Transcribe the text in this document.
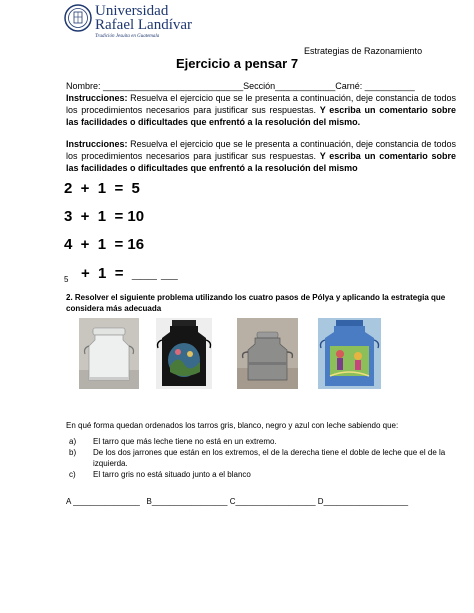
Universidad
Rafael Landívar
Tradición Jesuita en Guatemala
Estrategias de Razonamiento
Ejercicio a pensar 7
Nombre: ____________________________Sección____________Carné: __________
Instrucciones: Resuelva el ejercicio que se le presenta a continuación, deje constancia de todos los procedimientos necesarios para justificar sus respuestas. Y escriba un comentario sobre las facilidades o dificultades que enfrentó a la resolución del mismo.
Instrucciones: Resuelva el ejercicio que se le presenta a continuación, deje constancia de todos los procedimientos necesarios para justificar sus respuestas. Y escriba un comentario sobre las facilidades o dificultades que enfrentó a la resolución del mismo
2  +  1  =  5
3  +  1  = 10
4  +  1  = 16
$_5$   +  1  =  ___ __
2. Resolver el siguiente problema utilizando los cuatro pasos de Pólya y aplicando la estrategia que considera más adecuada
En qué forma quedan ordenados los tarros gris, blanco, negro y azul con leche sabiendo que:
a) El tarro que más leche tiene no está en un extremo.
b) De los dos jarrones que están en los extremos, el de la derecha tiene el doble de leche que el de la izquierda.
c) El tarro gris no está situado junto a el blanco
A _______________   B_________________ C__________________ D___________________
